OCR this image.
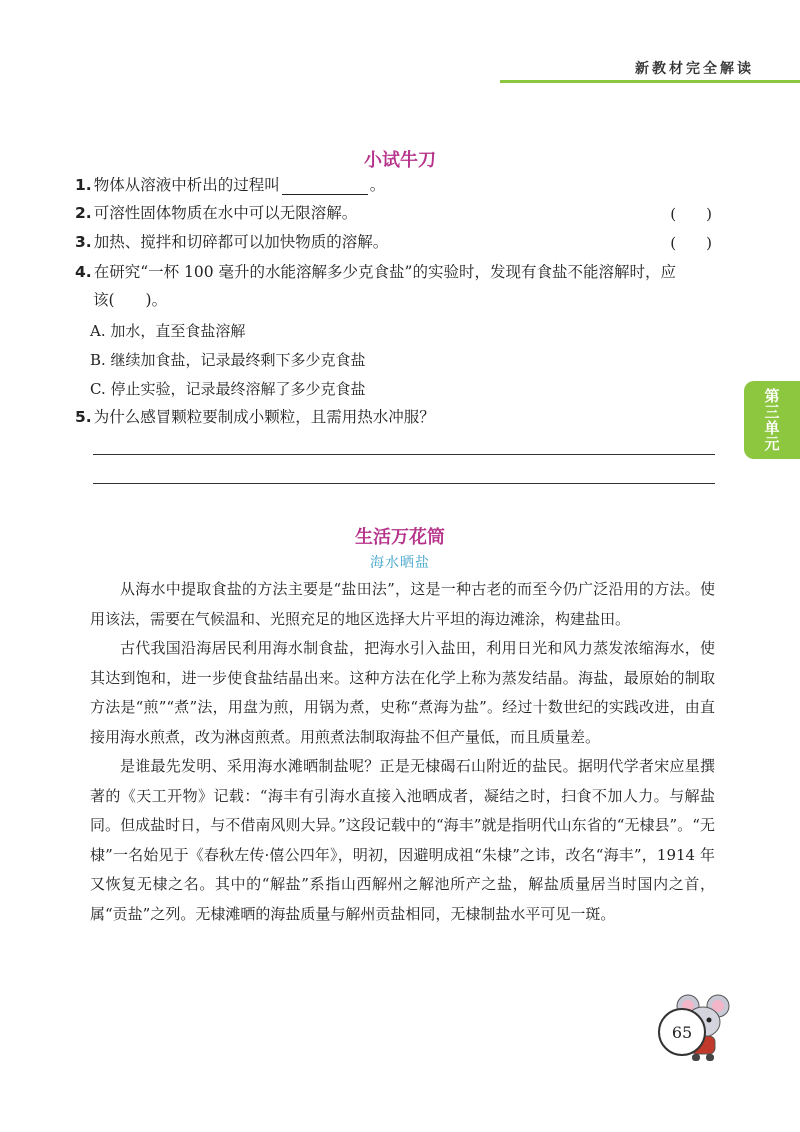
新教材完全解读
第三单元
小试牛刀
1. 物体从溶液中析出的过程叫	。
2. 可溶性固体物质在水中可以无限溶解。	(　　)
3. 加热、搅拌和切碎都可以加快物质的溶解。	(　　)
4. 在研究“一杯 100 毫升的水能溶解多少克食盐”的实验时，发现有食盐不能溶解时，应
该(　　)。
A. 加水，直至食盐溶解
B. 继续加食盐，记录最终剩下多少克食盐
C. 停止实验，记录最终溶解了多少克食盐
5. 为什么感冒颗粒要制成小颗粒，且需用热水冲服？
生活万花筒
海水晒盐
从海水中提取食盐的方法主要是“盐田法”，这是一种古老的而至今仍广泛沿用的方法。使用该法，需要在气候温和、光照充足的地区选择大片平坦的海边滩涂，构建盐田。
古代我国沿海居民利用海水制食盐，把海水引入盐田，利用日光和风力蒸发浓缩海水，使其达到饱和，进一步使食盐结晶出来。这种方法在化学上称为蒸发结晶。海盐，最原始的制取方法是“煎”“煮”法，用盘为煎，用锅为煮，史称“煮海为盐”。经过十数世纪的实践改进，由直接用海水煎煮，改为淋卤煎煮。用煎煮法制取海盐不但产量低，而且质量差。
是谁最先发明、采用海水滩晒制盐呢？正是无棣碣石山附近的盐民。据明代学者宋应星撰著的《天工开物》记载：“海丰有引海水直接入池晒成者，凝结之时，扫食不加人力。与解盐同。但成盐时日，与不借南风则大异。”这段记载中的“海丰”就是指明代山东省的“无棣县”。“无棣”一名始见于《春秋左传·僖公四年》，明初，因避明成祖“朱棣”之讳，改名“海丰”，1914 年又恢复无棣之名。其中的“解盐”系指山西解州之解池所产之盐，解盐质量居当时国内之首，属“贡盐”之列。无棣滩晒的海盐质量与解州贡盐相同，无棣制盐水平可见一斑。
65
